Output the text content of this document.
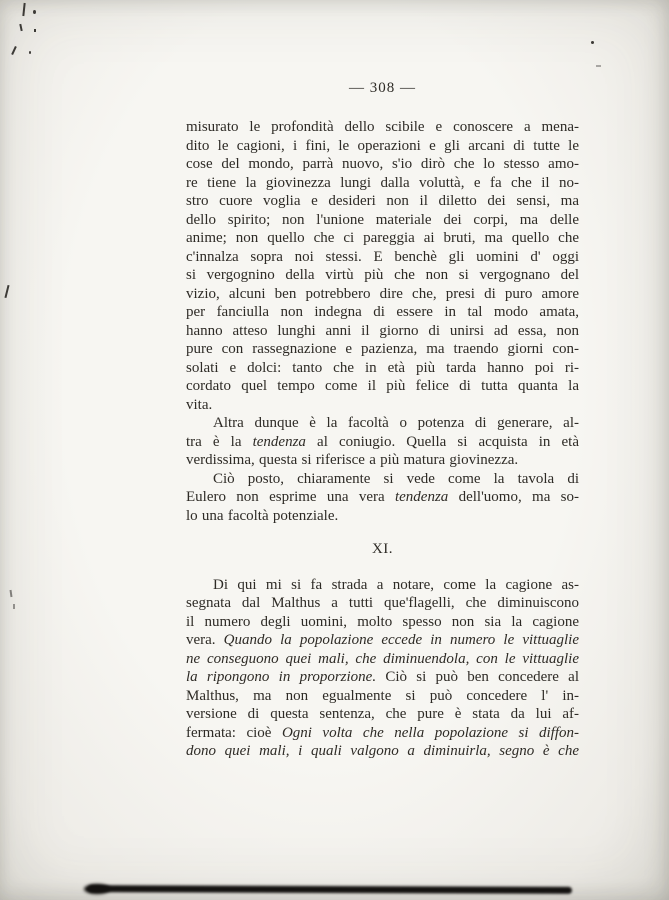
— 308 —
misurato le profondità dello scibile e conoscere a mena-
dito le cagioni, i fini, le operazioni e gli arcani di tutte le
cose del mondo, parrà nuovo, s'io dirò che lo stesso amo-
re tiene la giovinezza lungi dalla voluttà, e fa che il no-
stro cuore voglia e desideri non il diletto dei sensi, ma
dello spirito; non l'unione materiale dei corpi, ma delle
anime; non quello che ci pareggia ai bruti, ma quello che
c'innalza sopra noi stessi. E benchè gli uomini d' oggi
si vergognino della virtù più che non si vergognano del
vizio, alcuni ben potrebbero dire che, presi di puro amore
per fanciulla non indegna di essere in tal modo amata,
hanno atteso lunghi anni il giorno di unirsi ad essa, non
pure con rassegnazione e pazienza, ma traendo giorni con-
solati e dolci: tanto che in età più tarda hanno poi ri-
cordato quel tempo come il più felice di tutta quanta la
vita.
Altra dunque è la facoltà o potenza di generare, al-
tra è la tendenza al coniugio. Quella si acquista in età
verdissima, questa si riferisce a più matura giovinezza.
Ciò posto, chiaramente si vede come la tavola di
Eulero non esprime una vera tendenza dell'uomo, ma so-
lo una facoltà potenziale.
XI.
Di qui mi si fa strada a notare, come la cagione as-
segnata dal Malthus a tutti que'flagelli, che diminuiscono
il numero degli uomini, molto spesso non sia la cagione
vera. Quando la popolazione eccede in numero le vittuaglie
ne conseguono quei mali, che diminuendola, con le vittuaglie
la ripongono in proporzione. Ciò si può ben concedere al
Malthus, ma non egualmente si può concedere l' in-
versione di questa sentenza, che pure è stata da lui af-
fermata: cioè Ogni volta che nella popolazione si diffon-
dono quei mali, i quali valgono a diminuirla, segno è che
